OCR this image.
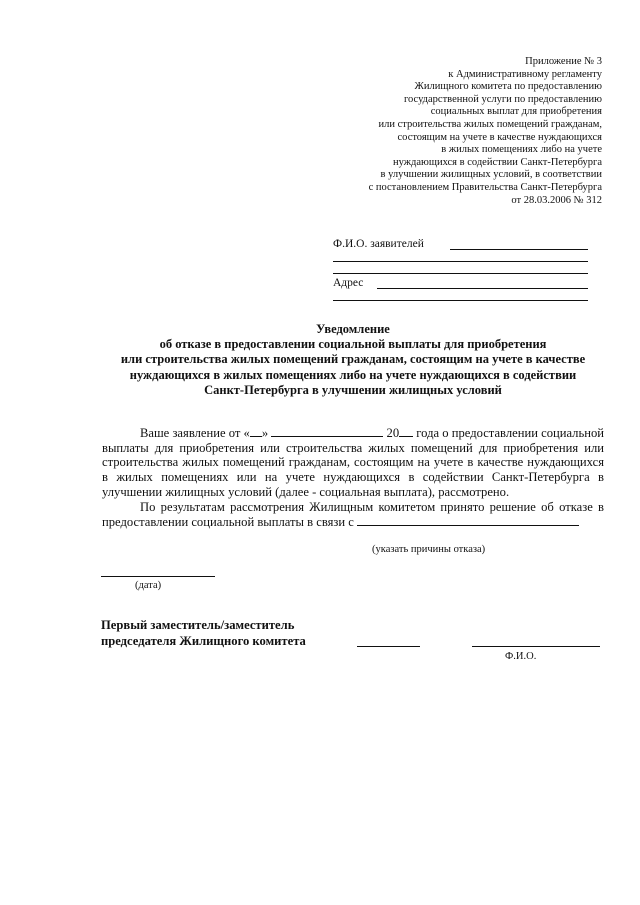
Приложение № 3
к Административному регламенту
Жилищного комитета по предоставлению
государственной услуги по предоставлению
социальных выплат для приобретения
или строительства жилых помещений гражданам,
состоящим на учете в качестве нуждающихся
в жилых помещениях либо на учете
нуждающихся в содействии Санкт-Петербурга
в улучшении жилищных условий, в соответствии
с постановлением Правительства Санкт-Петербурга
от 28.03.2006 № 312
Ф.И.О. заявителей
Адрес
Уведомление
об отказе в предоставлении социальной выплаты для приобретения
или строительства жилых помещений гражданам, состоящим на учете в качестве
нуждающихся в жилых помещениях либо на учете нуждающихся в содействии
Санкт-Петербурга в улучшении жилищных условий

Ваше заявление от « »	20 года о предоставлении социальной выплаты для приобретения или строительства жилых помещений для приобретения или строительства жилых помещений гражданам, состоящим на учете в качестве нуждающихся в жилых помещениях или на учете нуждающихся в содействии Санкт-Петербурга в улучшении жилищных условий (далее - социальная выплата), рассмотрено.

По результатам рассмотрения Жилищным комитетом принято решение об отказе в предоставлении социальной выплаты в связи с

(указать причины отказа)
(дата)
Первый заместитель/заместитель
председателя Жилищного комитета
Ф.И.О.
